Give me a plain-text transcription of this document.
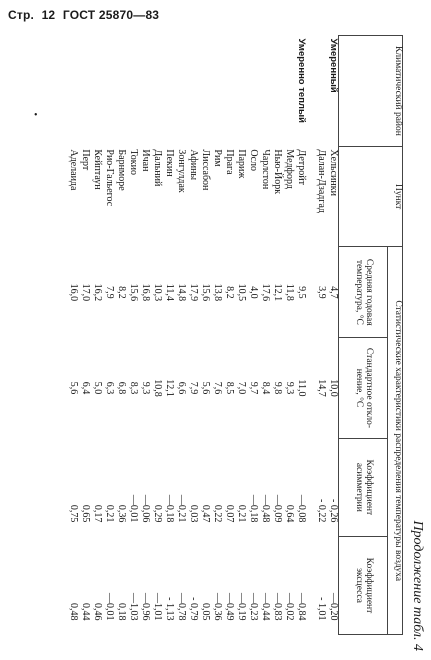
Стр. 12 ГОСТ 25870—83
•
Продолжение табл. 4
Климатический район	Пункт	Статистические характеристики распределения температуры воздуха			
		Средняя годовая температура, °С	Стандартное откло-нение, °С	Коэффициент асимметрии	Коэффициент эксцесса
Умеренный	Хельсинки	4,7	10,0	- 0,26	—0,20
	Далан-Дзадгад	3,9	14,7	- 0,22	- 1,01

Умеренно теплый	Детройт	9,5	11,0	—0,08	—0,84
	Медфорд	11,8	9,3	0,64	—0,02
	Нью-Йорк	12,1	9,8	—0,09	—0,83
	Чарлстон	17,6	8,4	—0,48	—0,44
	Осло	4,0	9,7	—0,18	—0,23
	Париж	10,5	7,0	0,21	—0,19
	Прага	8,2	8,5	0,07	—0,49
	Рим	13,8	7,6	0,22	—0,36
	Лиссабон	15,6	5,6	0,47	0,05
	Афины	17,9	7,9	0,03	- 0,79
	Зонгулдак	14,8	6,6	—0,21	—0,78
	Пекин	11,4	12,1	—0,18	- 1,13
	Дальний	10,3	10,8	0,29	—1,01
	Ичан	16,8	9,3	—0,06	—0,96
	Токио	15,6	8,3	—0,01	—1,03
	Барнморе	8,2	6,8	0,36	0,18
	Рио-Гальегос	7,9	6,3	0,21	—0,01
	Кейптаун	16,2	5,0	0,17	0,46
	Перт	17,0	6,4	0,65	0,44
	Аделаида	16,0	5,6	0,75	0,48
